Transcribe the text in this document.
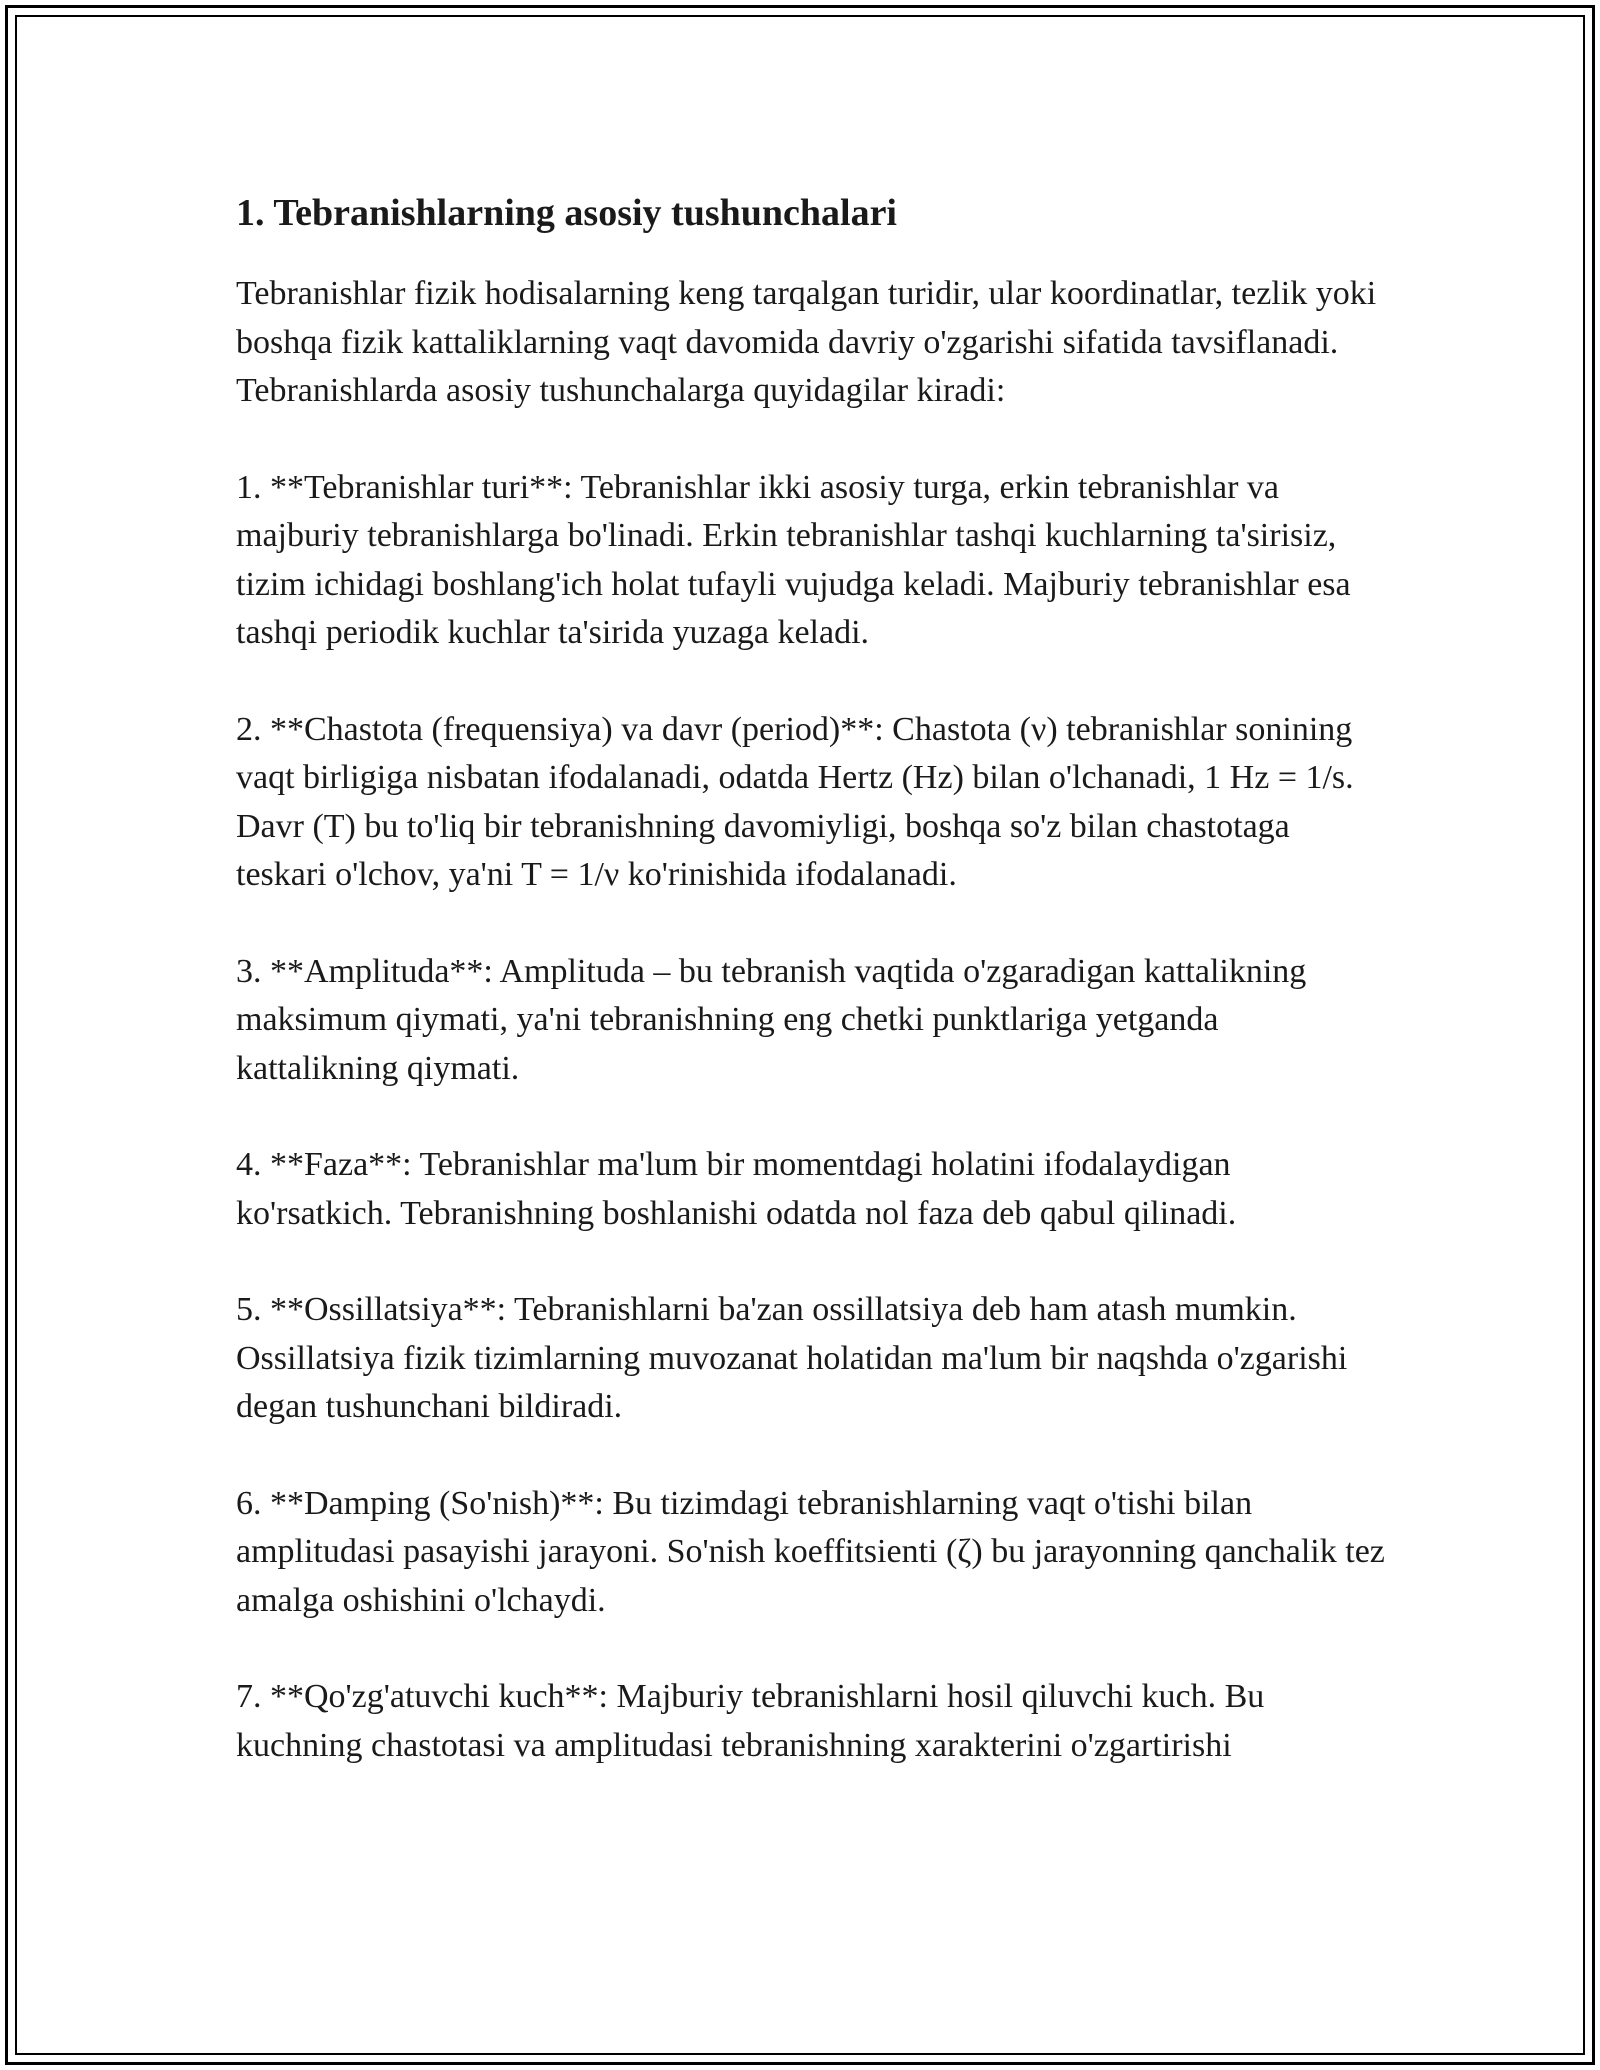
1. Tebranishlarning asosiy tushunchalari

Tebranishlar fizik hodisalarning keng tarqalgan turidir, ular koordinatlar, tezlik yoki boshqa fizik kattaliklarning vaqt davomida davriy o'zgarishi sifatida tavsiflanadi. Tebranishlarda asosiy tushunchalarga quyidagilar kiradi:

1. **Tebranishlar turi**: Tebranishlar ikki asosiy turga, erkin tebranishlar va majburiy tebranishlarga bo'linadi. Erkin tebranishlar tashqi kuchlarning ta'sirisiz, tizim ichidagi boshlang'ich holat tufayli vujudga keladi. Majburiy tebranishlar esa tashqi periodik kuchlar ta'sirida yuzaga keladi.

2. **Chastota (frequensiya) va davr (period)**: Chastota (ν) tebranishlar sonining vaqt birligiga nisbatan ifodalanadi, odatda Hertz (Hz) bilan o'lchanadi, 1 Hz = 1/s. Davr (T) bu to'liq bir tebranishning davomiyligi, boshqa so'z bilan chastotaga teskari o'lchov, ya'ni T = 1/ν ko'rinishida ifodalanadi.

3. **Amplituda**: Amplituda – bu tebranish vaqtida o'zgaradigan kattalikning maksimum qiymati, ya'ni tebranishning eng chetki punktlariga yetganda kattalikning qiymati.

4. **Faza**: Tebranishlar ma'lum bir momentdagi holatini ifodalaydigan ko'rsatkich. Tebranishning boshlanishi odatda nol faza deb qabul qilinadi.

5. **Ossillatsiya**: Tebranishlarni ba'zan ossillatsiya deb ham atash mumkin. Ossillatsiya fizik tizimlarning muvozanat holatidan ma'lum bir naqshda o'zgarishi degan tushunchani bildiradi.

6. **Damping (So'nish)**: Bu tizimdagi tebranishlarning vaqt o'tishi bilan amplitudasi pasayishi jarayoni. So'nish koeffitsienti (ζ) bu jarayonning qanchalik tez amalga oshishini o'lchaydi.

7. **Qo'zg'atuvchi kuch**: Majburiy tebranishlarni hosil qiluvchi kuch. Bu kuchning chastotasi va amplitudasi tebranishning xarakterini o'zgartirishi
